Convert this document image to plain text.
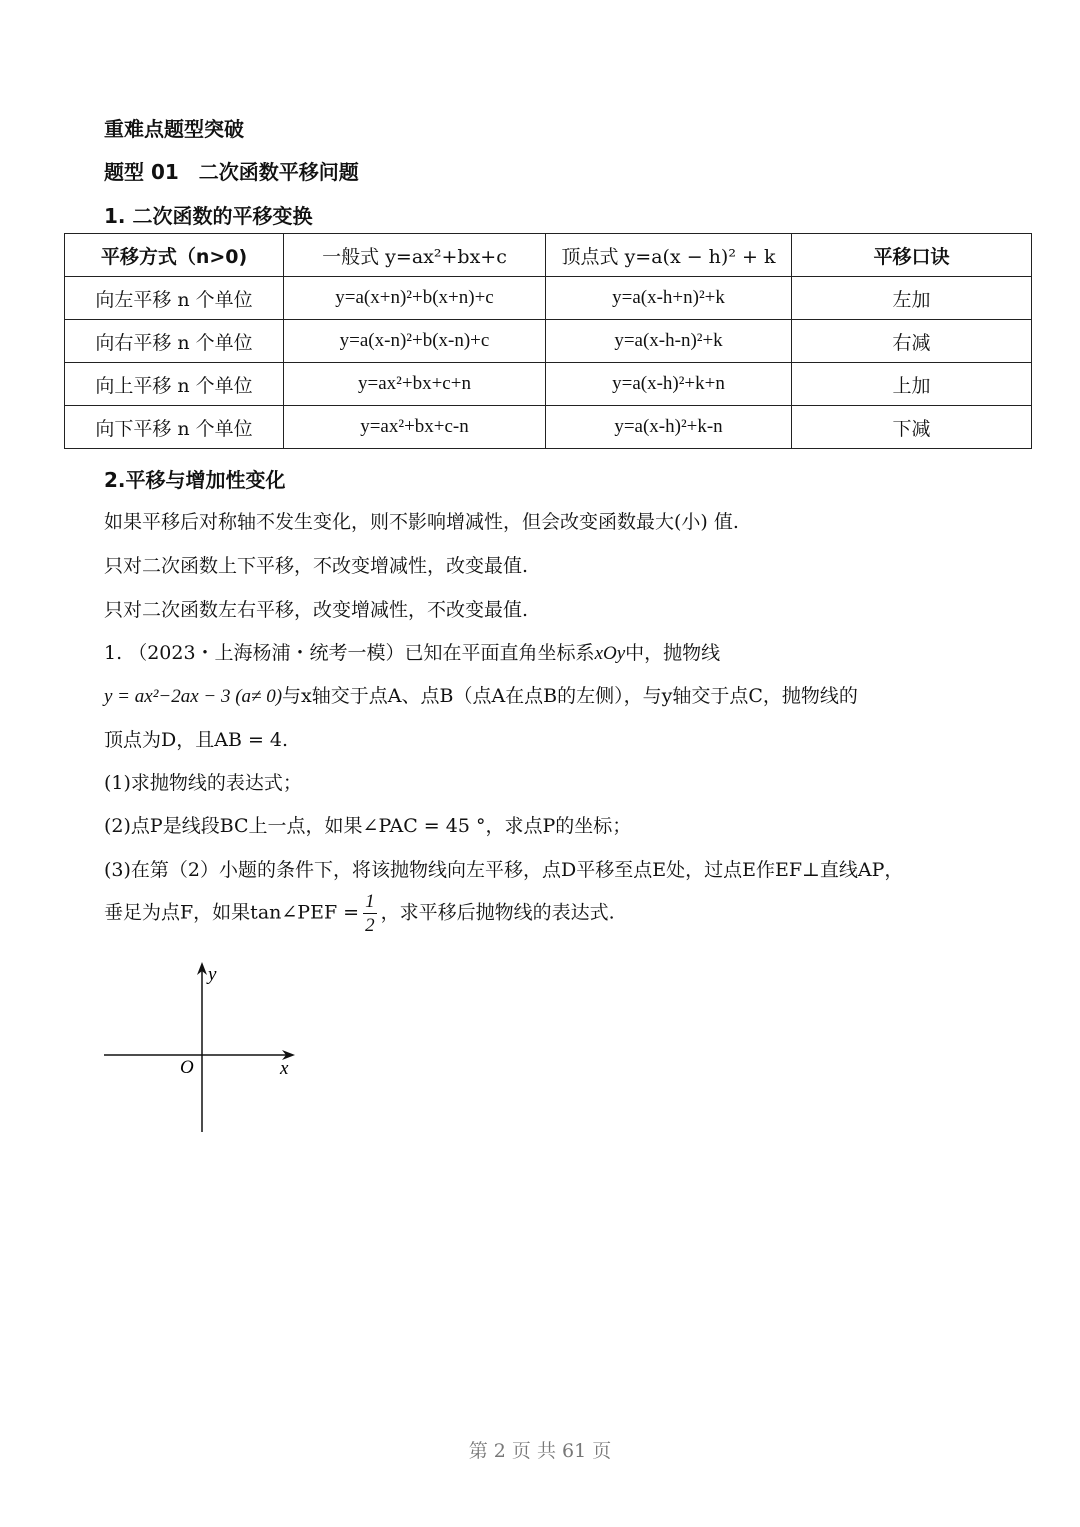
重难点题型突破
题型 01　二次函数平移问题
1. 二次函数的平移变换
平移方式（n>0)	一般式 y=ax²+bx+c	顶点式 y=a(x − h)² + k	平移口诀
向左平移 n 个单位	y=a(x+n)²+b(x+n)+c	y=a(x-h+n)²+k	左加
向右平移 n 个单位	y=a(x-n)²+b(x-n)+c	y=a(x-h-n)²+k	右减
向上平移 n 个单位	y=ax²+bx+c+n	y=a(x-h)²+k+n	上加
向下平移 n 个单位	y=ax²+bx+c-n	y=a(x-h)²+k-n	下减
2.平移与增加性变化
如果平移后对称轴不发生变化，则不影响增减性，但会改变函数最大(小) 值.
只对二次函数上下平移，不改变增减性，改变最值.
只对二次函数左右平移，改变增减性，不改变最值.
1. （2023・上海杨浦・统考一模）已知在平面直角坐标系xOy中，抛物线
y = ax²−2ax − 3 (a≠ 0)与x轴交于点A、点B（点A在点B的左侧），与y轴交于点C，抛物线的
顶点为D，且AB = 4.
(1)求抛物线的表达式；
(2)点P是线段BC上一点，如果∠PAC = 45 °，求点P的坐标；
(3)在第（2）小题的条件下，将该抛物线向左平移，点D平移至点E处，过点E作EF⊥直线AP，
垂足为点F，如果tan∠PEF = $\frac{1}{2}$ ，求平移后抛物线的表达式.
y
x
O
第 2 页 共 61 页
